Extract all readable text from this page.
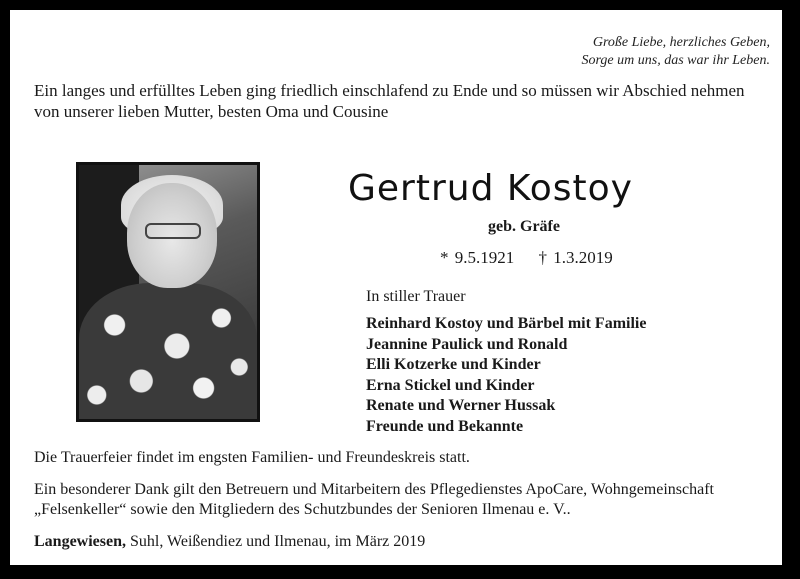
Große Liebe, herzliches Geben,
Sorge um uns, das war ihr Leben.
Ein langes und erfülltes Leben ging friedlich einschlafend zu Ende und so müssen wir Abschied nehmen von unserer lieben Mutter, besten Oma und Cousine
Gertrud Kostoy
geb. Gräfe
* 9.5.1921 † 1.3.2019
In stiller Trauer
Reinhard Kostoy und Bärbel mit Familie
Jeannine Paulick und Ronald
Elli Kotzerke und Kinder
Erna Stickel und Kinder
Renate und Werner Hussak
Freunde und Bekannte
Die Trauerfeier findet im engsten Familien- und Freundeskreis statt.
Ein besonderer Dank gilt den Betreuern und Mitarbeitern des Pflegedienstes ApoCare, Wohngemeinschaft „Felsenkeller“ sowie den Mitgliedern des Schutzbundes der Senioren Ilmenau e. V..
Langewiesen, Suhl, Weißendiez und Ilmenau, im März 2019
